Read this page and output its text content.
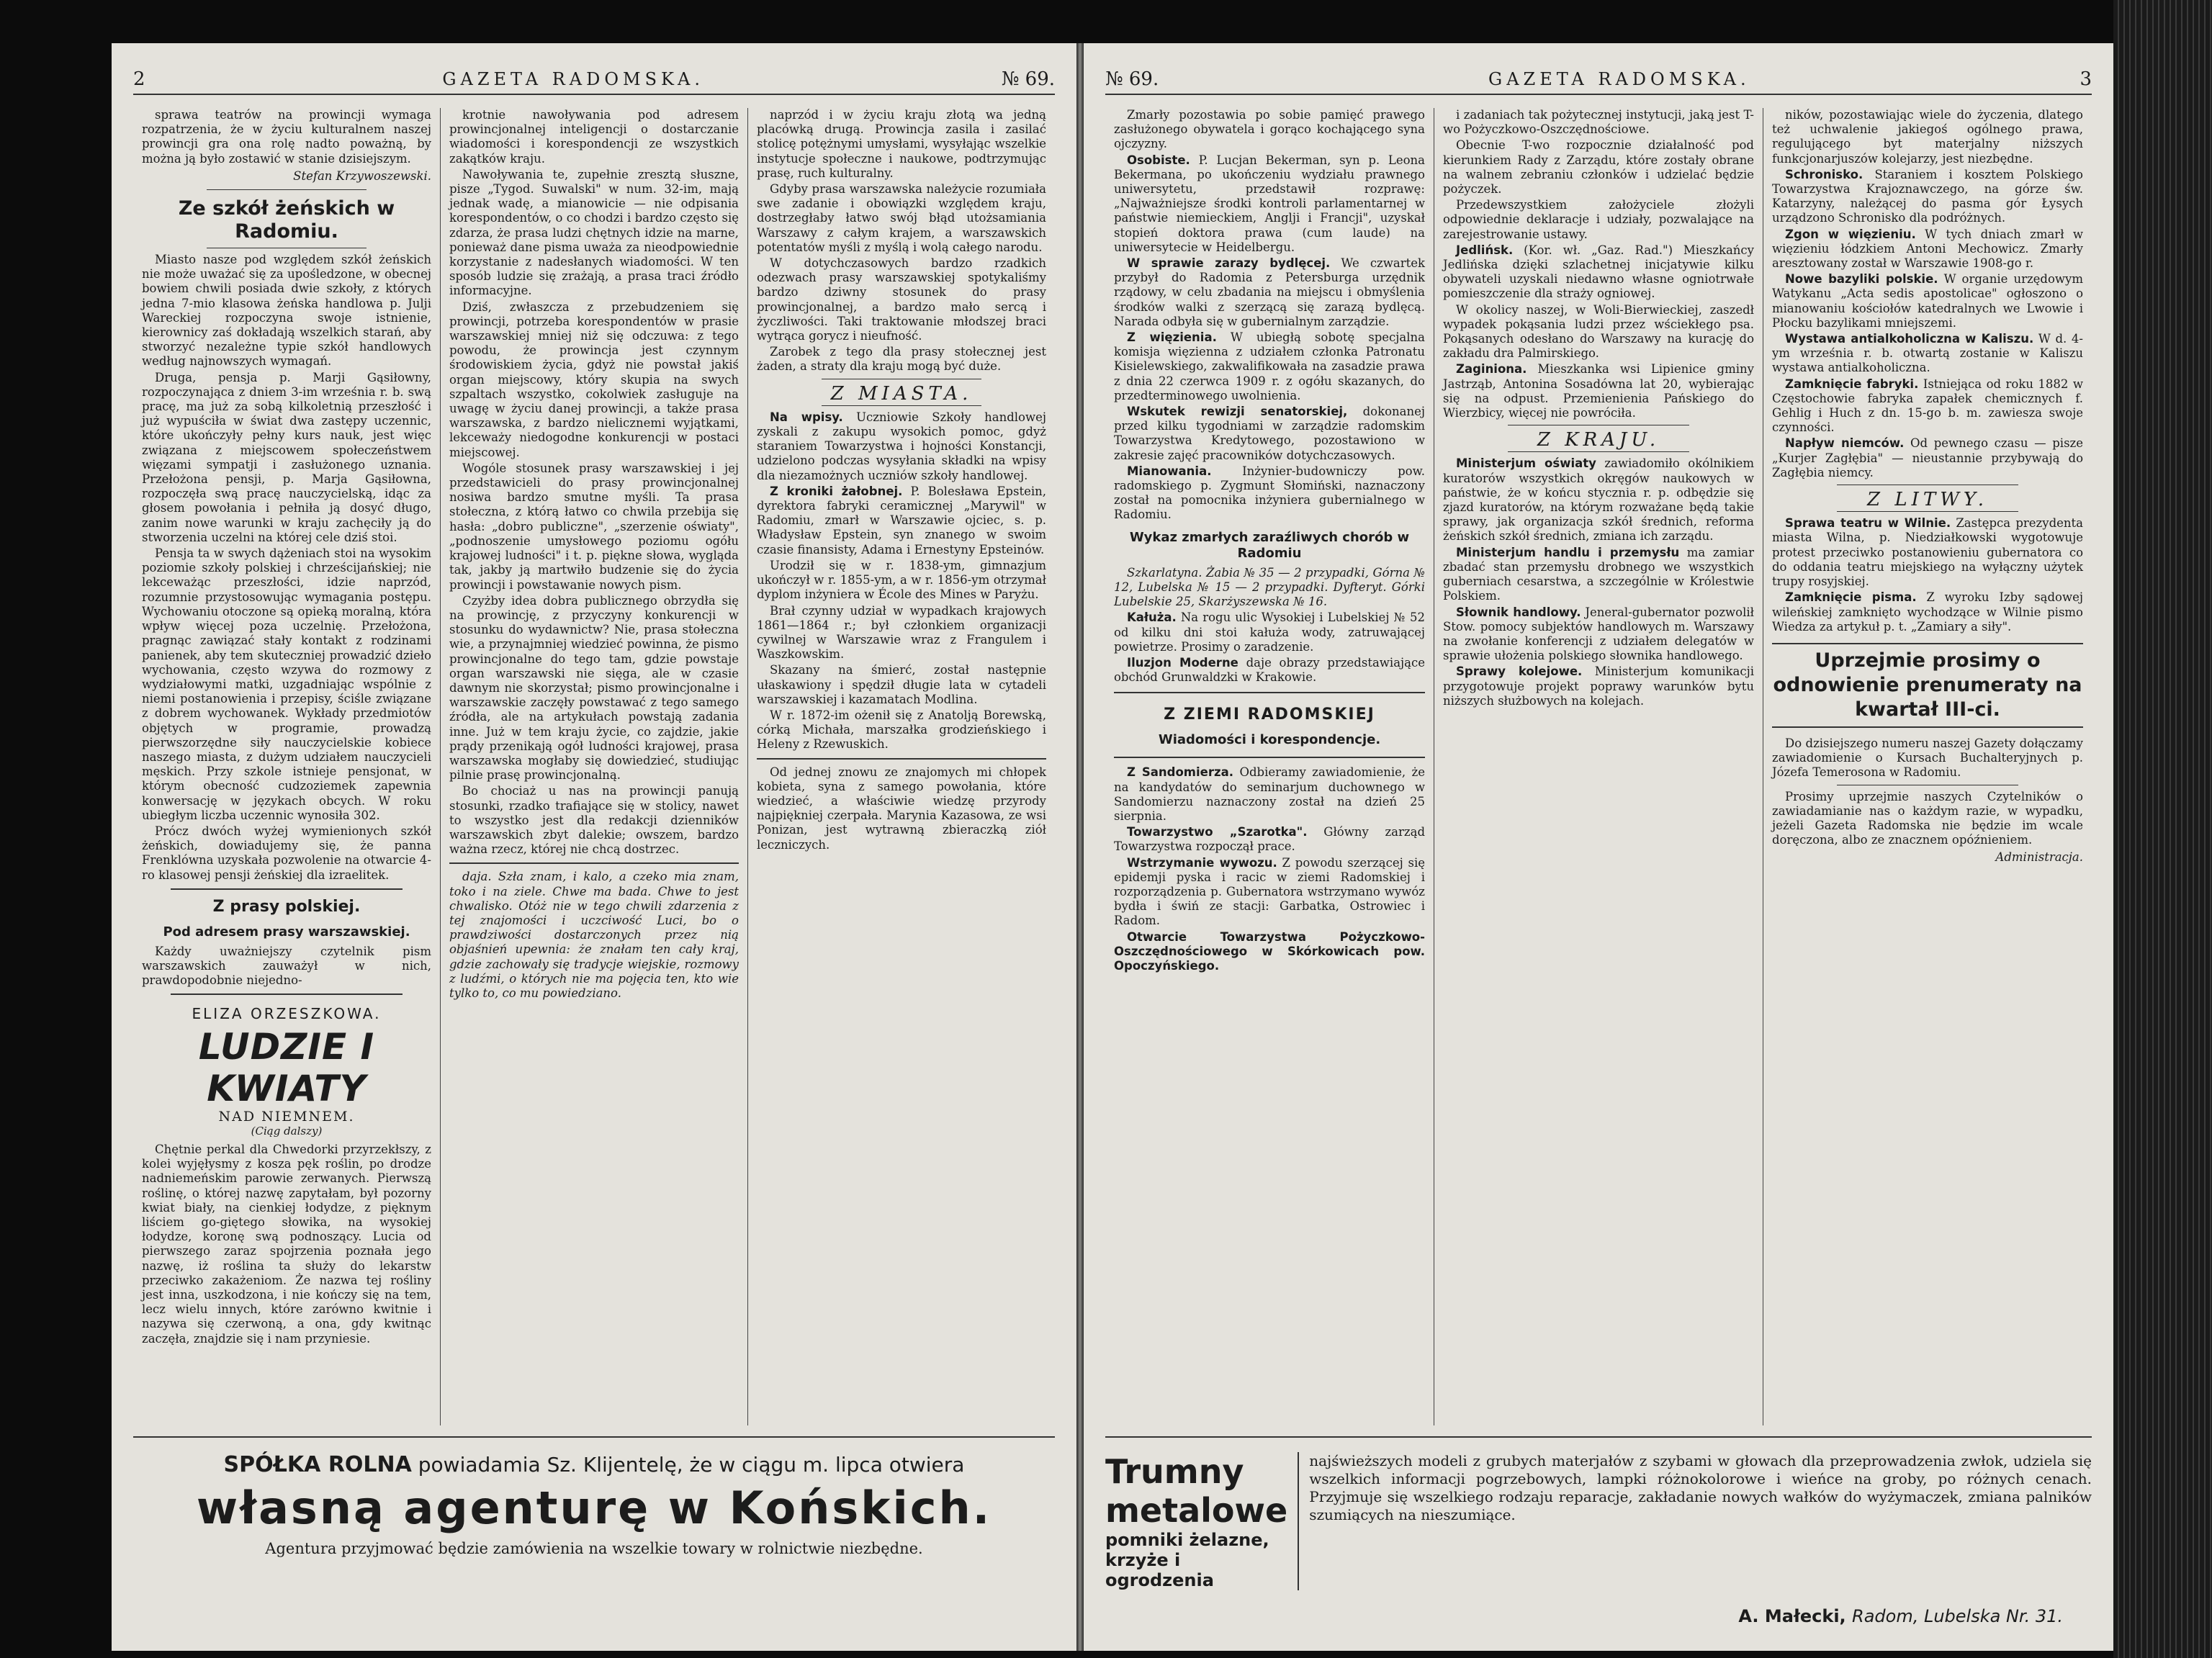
2	GAZETA RADOMSKA.	№ 69.

sprawa teatrów na prowincji wymaga rozpatrzenia, że w życiu kulturalnem naszej prowincji gra ona rolę nadto poważną, by można ją było zostawić w stanie dzisiejszym.

Stefan Krzywoszewski.
Ze szkół żeńskich w Radomiu.

Miasto nasze pod względem szkół żeńskich nie może uważać się za upośledzone, w obecnej bowiem chwili posiada dwie szkoły, z których jedna 7-mio klasowa żeńska handlowa p. Julji Wareckiej rozpoczyna swoje istnienie, kierownicy zaś dokładają wszelkich starań, aby stworzyć nezależne typie szkół handlowych według najnowszych wymagań.

Druga, pensja p. Marji Gąsiłowny, rozpoczynająca z dniem 3-im września r. b. swą pracę, ma już za sobą kilkoletnią przeszłość i już wypuściła w świat dwa zastępy uczennic, które ukończyły pełny kurs nauk, jest więc związana z miejscowem społeczeństwem więzami sympatji i zasłużonego uznania. Przełożona pensji, p. Marja Gąsiłowna, rozpoczęła swą pracę nauczycielską, idąc za głosem powołania i pełniła ją dosyć długo, zanim nowe warunki w kraju zachęciły ją do stworzenia uczelni na której cele dziś stoi.

Pensja ta w swych dążeniach stoi na wysokim poziomie szkoły polskiej i chrześcijańskiej; nie lekceważąc przeszłości, idzie naprzód, rozumnie przystosowując wymagania postępu. Wychowaniu otoczone są opieką moralną, która wpływ więcej poza uczelnię. Przełożona, pragnąc zawiązać stały kontakt z rodzinami panienek, aby tem skuteczniej prowadzić dzieło wychowania, często wzywa do rozmowy z wydziałowymi matki, uzgadniając wspólnie z niemi postanowienia i przepisy, ściśle związane z dobrem wychowanek. Wykłady przedmiotów objętych w programie, prowadzą pierwszorzędne siły nauczycielskie kobiece naszego miasta, z dużym udziałem nauczycieli męskich. Przy szkole istnieje pensjonat, w którym obecność cudzoziemek zapewnia konwersację w językach obcych. W roku ubiegłym liczba uczennic wynosiła 302.

Prócz dwóch wyżej wymienionych szkół żeńskich, dowiadujemy się, że panna Frenklówna uzyskała pozwolenie na otwarcie 4-ro klasowej pensji żeńskiej dla izraelitek.

Z prasy polskiej.
Pod adresem prasy warszawskiej.

Każdy uważniejszy czytelnik pism warszawskich zauważył w nich, prawdopodobnie niejedno-

ELIZA ORZESZKOWA.
LUDZIE I KWIATY
NAD NIEMNEM.
(Ciąg dalszy)

Chętnie perkal dla Chwedorki przyrzekłszy, z kolei wyjęłysmy z kosza pęk roślin, po drodze nadniemeńskim parowie zerwanych. Pierwszą roślinę, o której nazwę zapytałam, był pozorny kwiat biały, na cienkiej łodydze, z pięknym liściem go-giętego słowika, na wysokiej łodydze, koronę swą podnoszący. Lucia od pierwszego zaraz spojrzenia poznała jego nazwę, iż roślina ta służy do lekarstw przeciwko zakażeniom. Że nazwa tej rośliny jest inna, uszkodzona, i nie kończy się na tem, lecz wielu innych, które zarówno kwitnie i nazywa się czerwoną, a ona, gdy kwitnąc zaczęła, znajdzie się i nam przyniesie.

krotnie nawoływania pod adresem prowincjonalnej inteligencji o dostarczanie wiadomości i korespondencji ze wszystkich zakątków kraju.

Nawoływania te, zupełnie zresztą słuszne, pisze „Tygod. Suwalski" w num. 32-im, mają jednak wadę, a mianowicie — nie odpisania korespondentów, o co chodzi i bardzo często się zdarza, że prasa ludzi chętnych idzie na marne, ponieważ dane pisma uważa za nieodpowiednie korzystanie z nadesłanych wiadomości. W ten sposób ludzie się zrażają, a prasa traci źródło informacyjne.

Dziś, zwłaszcza z przebudzeniem się prowincji, potrzeba korespondentów w prasie warszawskiej mniej niż się odczuwa: z tego powodu, że prowincja jest czynnym środowiskiem życia, gdyż nie powstał jakiś organ miejscowy, który skupia na swych szpaltach wszystko, cokolwiek zasługuje na uwagę w życiu danej prowincji, a także prasa warszawska, z bardzo nielicznemi wyjątkami, lekceważy niedogodne konkurencji w postaci miejscowej.

Wogóle stosunek prasy warszawskiej i jej przedstawicieli do prasy prowincjonalnej nosiwa bardzo smutne myśli. Ta prasa stołeczna, z którą łatwo co chwila przebija się hasła: „dobro publiczne", „szerzenie oświaty", „podnoszenie umysłowego poziomu ogółu krajowej ludności" i t. p. piękne słowa, wygląda tak, jakby ją martwiło budzenie się do życia prowincji i powstawanie nowych pism.

Czyżby idea dobra publicznego obrzydła się na prowincję, z przyczyny konkurencji w stosunku do wydawnictw? Nie, prasa stołeczna wie, a przynajmniej wiedzieć powinna, że pismo prowincjonalne do tego tam, gdzie powstaje organ warszawski nie sięga, ale w czasie dawnym nie skorzystał; pismo prowincjonalne i warszawskie zaczęły powstawać z tego samego źródła, ale na artykułach powstają zadania inne. Już w tem kraju życie, co zajdzie, jakie prądy przenikają ogół ludności krajowej, prasa warszawska mogłaby się dowiedzieć, studiując pilnie prasę prowincjonalną.

Bo chociaż u nas na prowincji panują stosunki, rzadko trafiające się w stolicy, nawet to wszystko jest dla redakcji dzienników warszawskich zbyt dalekie; owszem, bardzo ważna rzecz, której nie chcą dostrzec.

daja. Szła znam, i kalo, a czeko mia znam, toko i na ziele. Chwe ma bada. Chwe to jest chwalisko. Otóż nie w tego chwili zdarzenia z tej znajomości i uczciwość Luci, bo o prawdziwości dostarczonych przez nią objaśnień upewnia: że znałam ten cały kraj, gdzie zachowały się tradycje wiejskie, rozmowy z ludźmi, o których nie ma pojęcia ten, kto wie tylko to, co mu powiedziano.

naprzód i w życiu kraju złotą wa jedną placówką drugą. Prowincja zasila i zasilać stolicę potężnymi umysłami, wysyłając wszelkie instytucje społeczne i naukowe, podtrzymując prasę, ruch kulturalny.

Gdyby prasa warszawska należycie rozumiała swe zadanie i obowiązki względem kraju, dostrzegłaby łatwo swój błąd utożsamiania Warszawy z całym krajem, a warszawskich potentatów myśli z myślą i wolą całego narodu.

W dotychczasowych bardzo rzadkich odezwach prasy warszawskiej spotykaliśmy bardzo dziwny stosunek do prasy prowincjonalnej, a bardzo mało sercą i życzliwości. Taki traktowanie młodszej braci wytrąca gorycz i nieufność.

Zarobek z tego dla prasy stołecznej jest żaden, a straty dla kraju mogą być duże.

Z MIASTA.

Na wpisy. Uczniowie Szkoły handlowej zyskali z zakupu wysokich pomoc, gdyż staraniem Towarzystwa i hojności Konstancji, udzielono podczas wysyłania składki na wpisy dla niezamożnych uczniów szkoły handlowej.

Z kroniki żałobnej. P. Bolesława Epstein, dyrektora fabryki ceramicznej „Marywil" w Radomiu, zmarł w Warszawie ojciec, s. p. Władysław Epstein, syn znanego w swoim czasie finansisty, Adama i Ernestyny Epsteinów.

Urodził się w r. 1838-ym, gimnazjum ukończył w r. 1855-ym, a w r. 1856-ym otrzymał dyplom inżyniera w École des Mines w Paryżu.

Brał czynny udział w wypadkach krajowych 1861—1864 r.; był członkiem organizacji cywilnej w Warszawie wraz z Frangulem i Waszkowskim.

Skazany na śmierć, został następnie ułaskawiony i spędził długie lata w cytadeli warszawskiej i kazamatach Modlina.

W r. 1872-im ożenił się z Anatolją Borewską, córką Michała, marszałka grodzieńskiego i Heleny z Rzewuskich.

Od jednej znowu ze znajomych mi chłopek kobieta, syna z samego powołania, które wiedzieć, a właściwie wiedzę przyrody najpiękniej czerpała. Marynia Kazasowa, ze wsi Ponizan, jest wytrawną zbieraczką ziół leczniczych.

SPÓŁKA ROLNA powiadamia Sz. Klijentelę, że w ciągu m. lipca otwiera
własną agenturę w Końskich.
Agentura przyjmować będzie zamówienia na wszelkie towary w rolnictwie niezbędne.
№ 69.	GAZETA RADOMSKA.	3

Zmarły pozostawia po sobie pamięć prawego zasłużonego obywatela i gorąco kochającego syna ojczyzny.

Osobiste. P. Lucjan Bekerman, syn p. Leona Bekermana, po ukończeniu wydziału prawnego uniwersytetu, przedstawił rozprawę: „Najważniejsze środki kontroli parlamentarnej w państwie niemieckiem, Anglji i Francji", uzyskał stopień doktora prawa (cum laude) na uniwersytecie w Heidelbergu.

W sprawie zarazy bydlęcej. We czwartek przybył do Radomia z Petersburga urzędnik rządowy, w celu zbadania na miejscu i obmyślenia środków walki z szerzącą się zarazą bydlęcą. Narada odbyła się w gubernialnym zarządzie.

Z więzienia. W ubiegłą sobotę specjalna komisja więzienna z udziałem członka Patronatu Kisielewskiego, zakwalifikowała na zasadzie prawa z dnia 22 czerwca 1909 r. z ogółu skazanych, do przedterminowego uwolnienia.

Wskutek rewizji senatorskiej, dokonanej przed kilku tygodniami w zarządzie radomskim Towarzystwa Kredytowego, pozostawiono w zakresie zajęć pracowników dotychczasowych.

Mianowania.	Inżynier-budowniczy pow. radomskiego p. Zygmunt Słomiński, naznaczony został na pomocnika inżyniera gubernialnego w Radomiu.

Wykaz zmarłych zaraźliwych chorób w Radomiu

Szkarlatyna. Żabia № 35 — 2 przypadki, Górna № 12, Lubelska № 15 — 2 przypadki. Dyfteryt. Górki Lubelskie 25, Skarżyszewska № 16.

Kałuża. Na rogu ulic Wysokiej i Lubelskiej № 52 od kilku dni stoi kałuża wody, zatruwającej powietrze. Prosimy o zaradzenie.

Iluzjon Moderne daje obrazy przedstawiające obchód Grunwaldzki w Krakowie.

Z ZIEMI RADOMSKIEJ
Wiadomości i korespondencje.

Z Sandomierza. Odbieramy zawiadomienie, że na kandydatów do seminarjum duchownego w Sandomierzu naznaczony został na dzień 25 sierpnia.

Towarzystwo „Szarotka". Główny zarząd Towarzystwa rozpoczął prace.

Wstrzymanie wywozu. Z powodu szerzącej się epidemji pyska i racic w ziemi Radomskiej i rozporządzenia p. Gubernatora wstrzymano wywóz bydła i świń ze stacji: Garbatka, Ostrowiec i Radom.

Otwarcie Towarzystwa Pożyczkowo-Oszczędnościowego w Skórkowicach pow. Opoczyńskiego.

i zadaniach tak pożytecznej instytucji, jaką jest T-wo Pożyczkowo-Oszczędnościowe.

Obecnie T-wo rozpocznie działalność pod kierunkiem Rady z Zarządu, które zostały obrane na walnem zebraniu członków i udzielać będzie pożyczek.

Przedewszystkiem założyciele złożyli odpowiednie deklaracje i udziały, pozwalające na zarejestrowanie ustawy.

Jedlińsk. (Kor. wł. „Gaz. Rad.") Mieszkańcy Jedlińska dzięki szlachetnej inicjatywie kilku obywateli uzyskali niedawno własne ogniotrwałe pomieszczenie dla straży ogniowej.

W okolicy naszej, w Woli-Bierwieckiej, zaszedł wypadek pokąsania ludzi przez wściekłego psa. Pokąsanych odesłano do Warszawy na kurację do zakładu dra Palmirskiego.

Zaginiona. Mieszkanka wsi Lipienice gminy Jastrząb, Antonina Sosadówna lat 20, wybierając się na odpust. Przemienienia Pańskiego do Wierzbicy, więcej nie powróciła.

Z KRAJU.

Ministerjum oświaty zawiadomiło okólnikiem kuratorów wszystkich okręgów naukowych w państwie, że w końcu stycznia r. p. odbędzie się zjazd kuratorów, na którym rozważane będą takie sprawy, jak organizacja szkół średnich, reforma żeńskich szkół średnich, zmiana ich zarządu.

Ministerjum handlu i przemysłu ma zamiar zbadać stan przemysłu drobnego we wszystkich guberniach cesarstwa, a szczególnie w Królestwie Polskiem.

Słownik handlowy. Jeneral-gubernator pozwolił Stow. pomocy subjektów handlowych m. Warszawy na zwołanie konferencji z udziałem delegatów w sprawie ułożenia polskiego słownika handlowego.

Sprawy kolejowe. Ministerjum komunikacji przygotowuje projekt poprawy warunków bytu niższych służbowych na kolejach.

ników, pozostawiając wiele do życzenia, dlatego też uchwalenie jakiegoś ogólnego prawa, regulującego byt materjalny niższych funkcjonarjuszów kolejarzy, jest niezbędne.

Schronisko. Staraniem i kosztem Polskiego Towarzystwa Krajoznawczego, na górze św. Katarzyny, należącej do pasma gór Łysych urządzono Schronisko dla podróżnych.

Zgon w więzieniu. W tych dniach zmarł w więzieniu łódzkiem Antoni Mechowicz. Zmarły aresztowany został w Warszawie 1908-go r.

Nowe bazyliki polskie. W organie urzędowym Watykanu „Acta sedis apostolicae" ogłoszono o mianowaniu kościołów katedralnych we Lwowie i Płocku bazylikami mniejszemi.

Wystawa antialkoholiczna w Kaliszu. W d. 4-ym września r. b. otwartą zostanie w Kaliszu wystawa antialkoholiczna.

Zamknięcie fabryki. Istniejąca od roku 1882 w Częstochowie fabryka zapałek chemicznych f. Gehlig i Huch z dn. 15-go b. m. zawiesza swoje czynności.

Napływ niemców. Od pewnego czasu — pisze „Kurjer Zagłębia" — nieustannie przybywają do Zagłębia niemcy.

Z LITWY.

Sprawa teatru w Wilnie. Zastępca prezydenta miasta Wilna, p. Niedziałkowski wygotowuje protest przeciwko postanowieniu gubernatora co do oddania teatru miejskiego na wyłączny użytek trupy rosyjskiej.

Zamknięcie pisma. Z wyroku Izby sądowej wileńskiej zamknięto wychodzące w Wilnie pismo Wiedza za artykuł p. t. „Zamiary a siły".

Uprzejmie prosimy o odnowienie prenumeraty na kwartał III-ci.

Do dzisiejszego numeru naszej Gazety dołączamy zawiadomienie o Kursach Buchalteryjnych p. Józefa Temerosona w Radomiu.

Prosimy uprzejmie naszych Czytelników o zawiadamianie nas o każdym razie, w wypadku, jeżeli Gazeta Radomska nie będzie im wcale doręczona, albo ze znacznem opóźnieniem.

Administracja.
Trumny metalowe
pomniki żelazne, krzyże i ogrodzenia
najświeższych modeli z grubych materjałów z szybami w głowach dla przeprowadzenia zwłok, udziela się wszelkich informacji pogrzebowych, lampki różnokolorowe i wieńce na groby, po różnych cenach. Przyjmuje się wszelkiego rodzaju reparacje, zakładanie nowych wałków do wyżymaczek, zmiana palników szumiących na nieszumiące.
A. Małecki, Radom, Lubelska Nr. 31.
